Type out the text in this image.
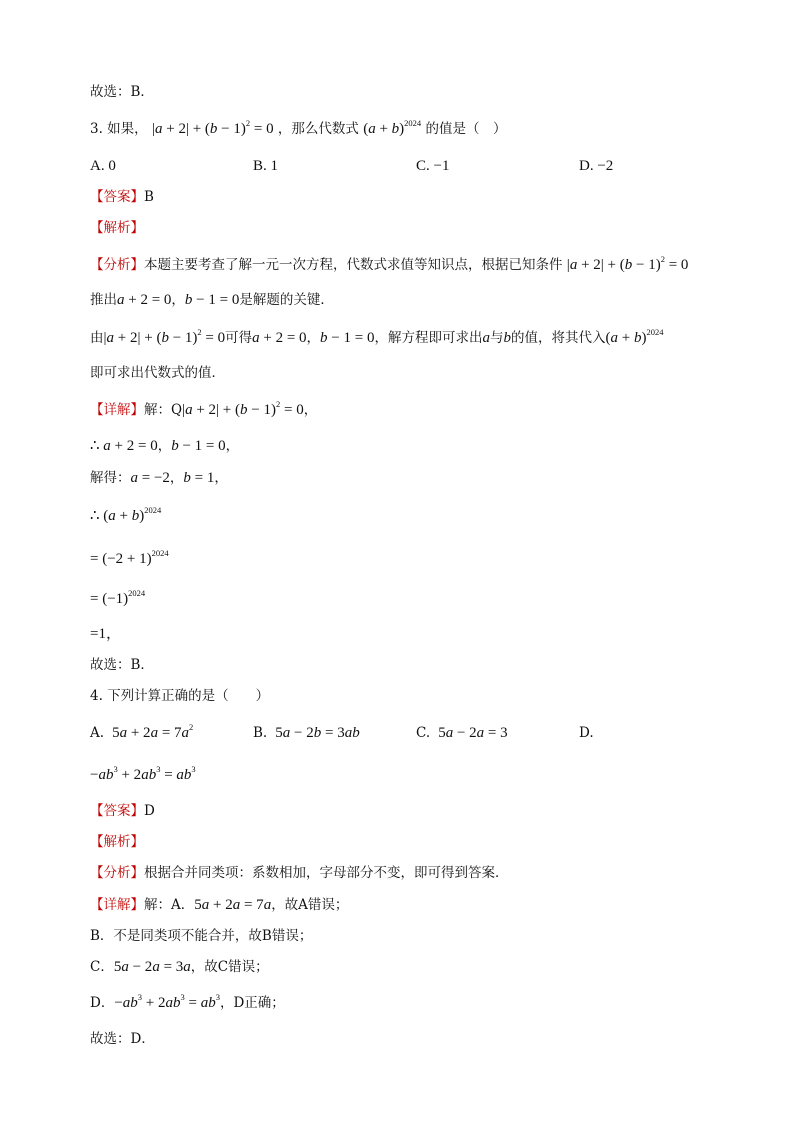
故选：B．
3. 如果， $|a + 2| + (b - 1)^2 = 0$ ，那么代数式 $(a + b)^{2024}$ 的值是（　）
A. 0	B. 1	C. −1	D. −2
【答案】B
【解析】
【分析】本题主要考查了解一元一次方程，代数式求值等知识点，根据已知条件 $|a + 2| + (b - 1)^2 = 0$
推出a + 2 = 0，b − 1 = 0是解题的关键．
由$|a + 2| + (b - 1)^2 = 0$可得a + 2 = 0，b − 1 = 0，解方程即可求出a与b的值，将其代入$(a + b)^{2024}$
即可求出代数式的值．
【详解】解：$Q|a + 2| + (b - 1)^2 = 0$，
∴ a + 2 = 0，b − 1 = 0，
解得：a = −2，b = 1，
∴ $(a + b)^{2024}$
= $(-2 + 1)^{2024}$
= $(-1)^{2024}$
=1，
故选：B．
4. 下列计算正确的是（　　）
A.  $5a + 2a = 7a^2$	B.  5a − 2b = 3ab	C.  5a − 2a = 3	D.
$-ab^3 + 2ab^3 = ab^3$
【答案】D
【解析】
【分析】根据合并同类项：系数相加，字母部分不变，即可得到答案．
【详解】解：A．5a + 2a = 7a，故A错误；
B．不是同类项不能合并，故B错误；
C．5a − 2a = 3a，故C错误；
D．$-ab^3 + 2ab^3 = ab^3$，D正确；
故选：D．
